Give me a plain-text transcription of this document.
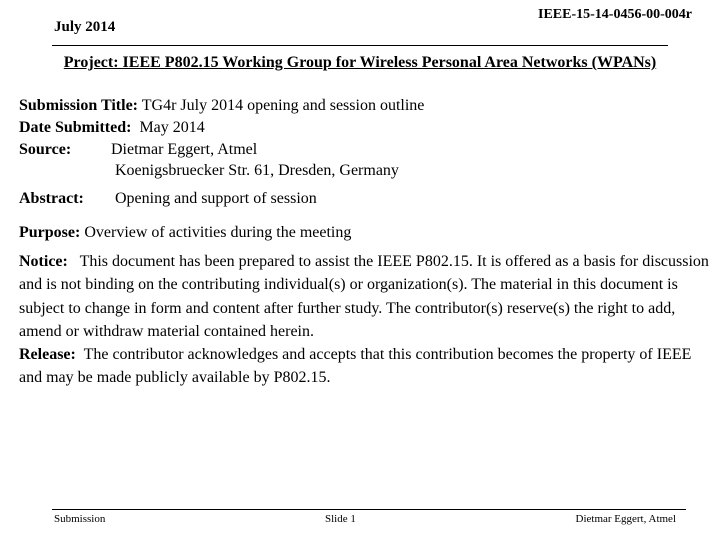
July 2014
IEEE-15-14-0456-00-004r
Project: IEEE P802.15 Working Group for Wireless Personal Area Networks (WPANs)
Submission Title: TG4r July 2014 opening and session outline
Date Submitted: May 2014
Source: Dietmar Eggert, Atmel
Koenigsbruecker Str. 61, Dresden, Germany
Abstract: Opening and support of session
Purpose: Overview of activities during the meeting
Notice: This document has been prepared to assist the IEEE P802.15. It is offered as a basis for discussion and is not binding on the contributing individual(s) or organization(s). The material in this document is subject to change in form and content after further study. The contributor(s) reserve(s) the right to add, amend or withdraw material contained herein.
Release: The contributor acknowledges and accepts that this contribution becomes the property of IEEE and may be made publicly available by P802.15.
Submission	Slide 1	Dietmar Eggert, Atmel
